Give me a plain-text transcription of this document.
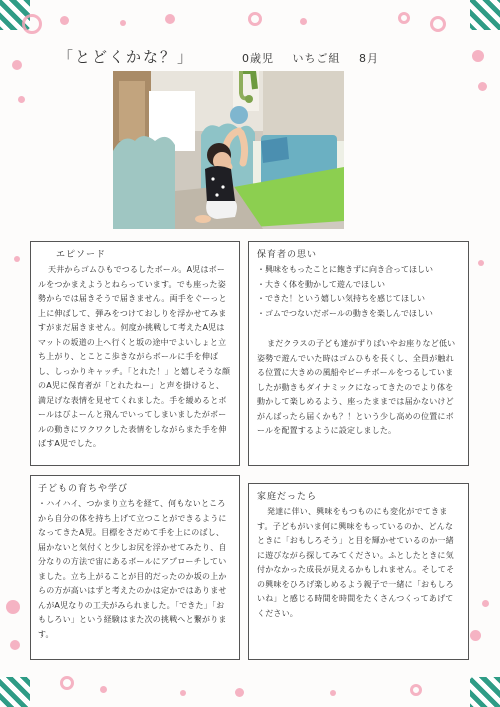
「とどくかな？」	0歳児 いちご組 8月
エピソード

天井からゴムひもでつるしたボール。A児はボールをつかまえようとねらっています。でも座った姿勢からでは届きそうで届きません。両手をぐーっと上に伸ばして、弾みをつけておしりを浮かせてみますがまだ届きません。何度か挑戦して考えたA児はマットの坂道の上へ行くと坂の途中でよいしょと立ち上がり、とことこ歩きながらボールに手を伸ばし、しっかりキャッチ。「とれた！」と嬉しそうな顔のA児に保育者が「とれたねー」と声を掛けると、満足げな表情を見せてくれました。手を緩めるとボールはびよーんと飛んでいってしまいましたがボールの動きにワクワクした表情をしながらまた手を伸ばすA児でした。

保育者の思い
・興味をもったことに飽きずに向き合ってほしい
・大きく体を動かして遊んでほしい
・できた！という嬉しい気持ちを感じてほしい
・ゴムでつないだボールの動きを楽しんでほしい

まだクラスの子ども達がずりばいやお座りなど低い姿勢で遊んでいた時はゴムひもを長くし、全員が触れる位置に大きめの風船やビーチボールをつるしていましたが動きもダイナミックになってきたのでより体を動かして楽しめるよう、座ったままでは届かないけどがんばったら届くかも？！という少し高めの位置にボールを配置するように設定しました。

子どもの育ちや学び

・ハイハイ、つかまり立ちを経て、何もないところから自分の体を持ち上げて立つことができるようになってきたA児。目標をさだめて手を上にのばし、届かないと気付くと少しお尻を浮かせてみたり、自分なりの方法で宙にあるボールにアプローチしていました。立ち上がることが目的だったのか坂の上からの方が高いはずと考えたのかは定かではありませんがA児なりの工夫がみられました。「できた」「おもしろい」という経験はまた次の挑戦へと繋がります。

家庭だったら

発達に伴い、興味をもつものにも変化がでてきます。子どもがいま何に興味をもっているのか、どんなときに「おもしろそう」と目を輝かせているのか一緒に遊びながら探してみてください。ふとしたときに気付かなかった成長が見えるかもしれません。そしてその興味をひろげ楽しめるよう親子で一緒に「おもしろいね」と感じる時間を時間をたくさんつくってあげてください。
